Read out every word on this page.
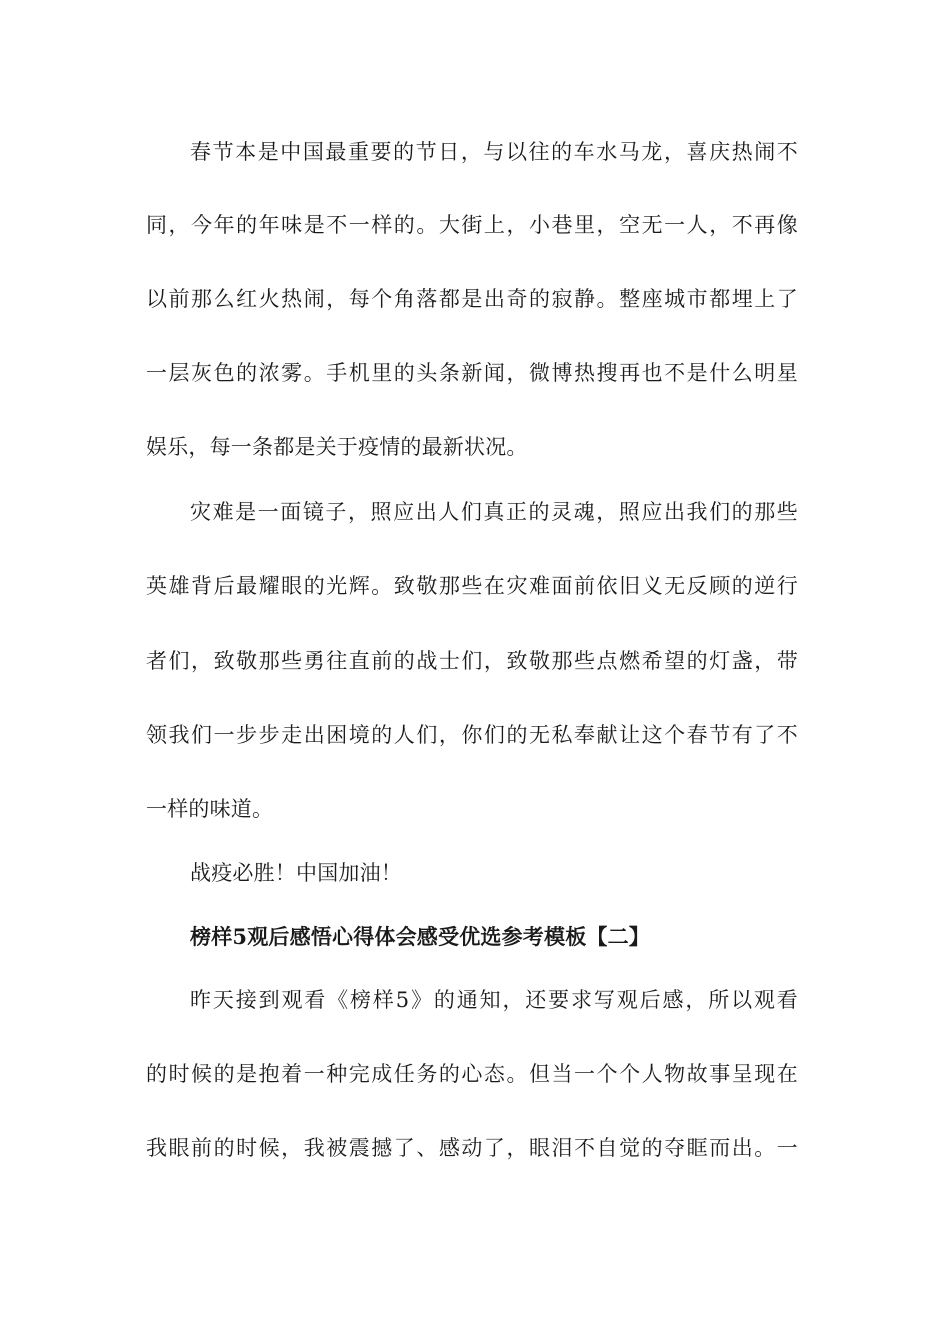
春节本是中国最重要的节日，与以往的车水马龙，喜庆热闹不
同，今年的年味是不一样的。大街上，小巷里，空无一人，不再像
以前那么红火热闹，每个角落都是出奇的寂静。整座城市都埋上了
一层灰色的浓雾。手机里的头条新闻，微博热搜再也不是什么明星
娱乐，每一条都是关于疫情的最新状况。
灾难是一面镜子，照应出人们真正的灵魂，照应出我们的那些
英雄背后最耀眼的光辉。致敬那些在灾难面前依旧义无反顾的逆行
者们，致敬那些勇往直前的战士们，致敬那些点燃希望的灯盏，带
领我们一步步走出困境的人们，你们的无私奉献让这个春节有了不
一样的味道。
战疫必胜！中国加油！
榜样5观后感悟心得体会感受优选参考模板【二】
昨天接到观看《榜样5》的通知，还要求写观后感，所以观看
的时候的是抱着一种完成任务的心态。但当一个个人物故事呈现在
我眼前的时候，我被震撼了、感动了，眼泪不自觉的夺眶而出。一
